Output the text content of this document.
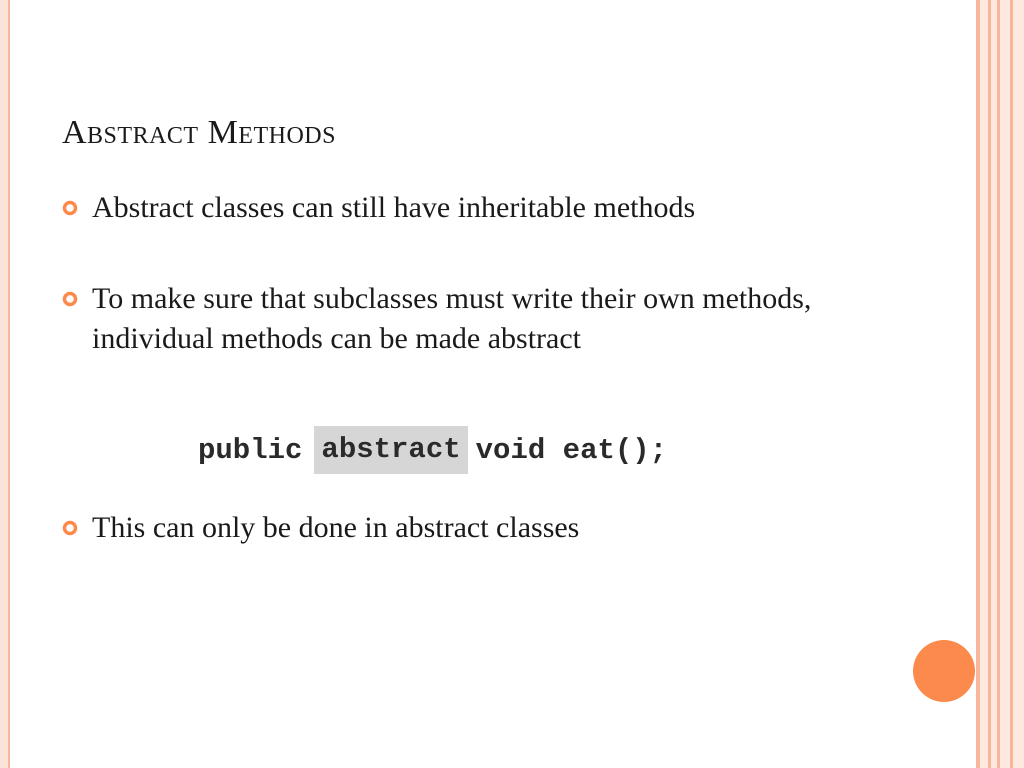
Abstract Methods
Abstract classes can still have inheritable methods
To make sure that subclasses must write their own methods, individual methods can be made abstract
public abstract void eat();
This can only be done in abstract classes
